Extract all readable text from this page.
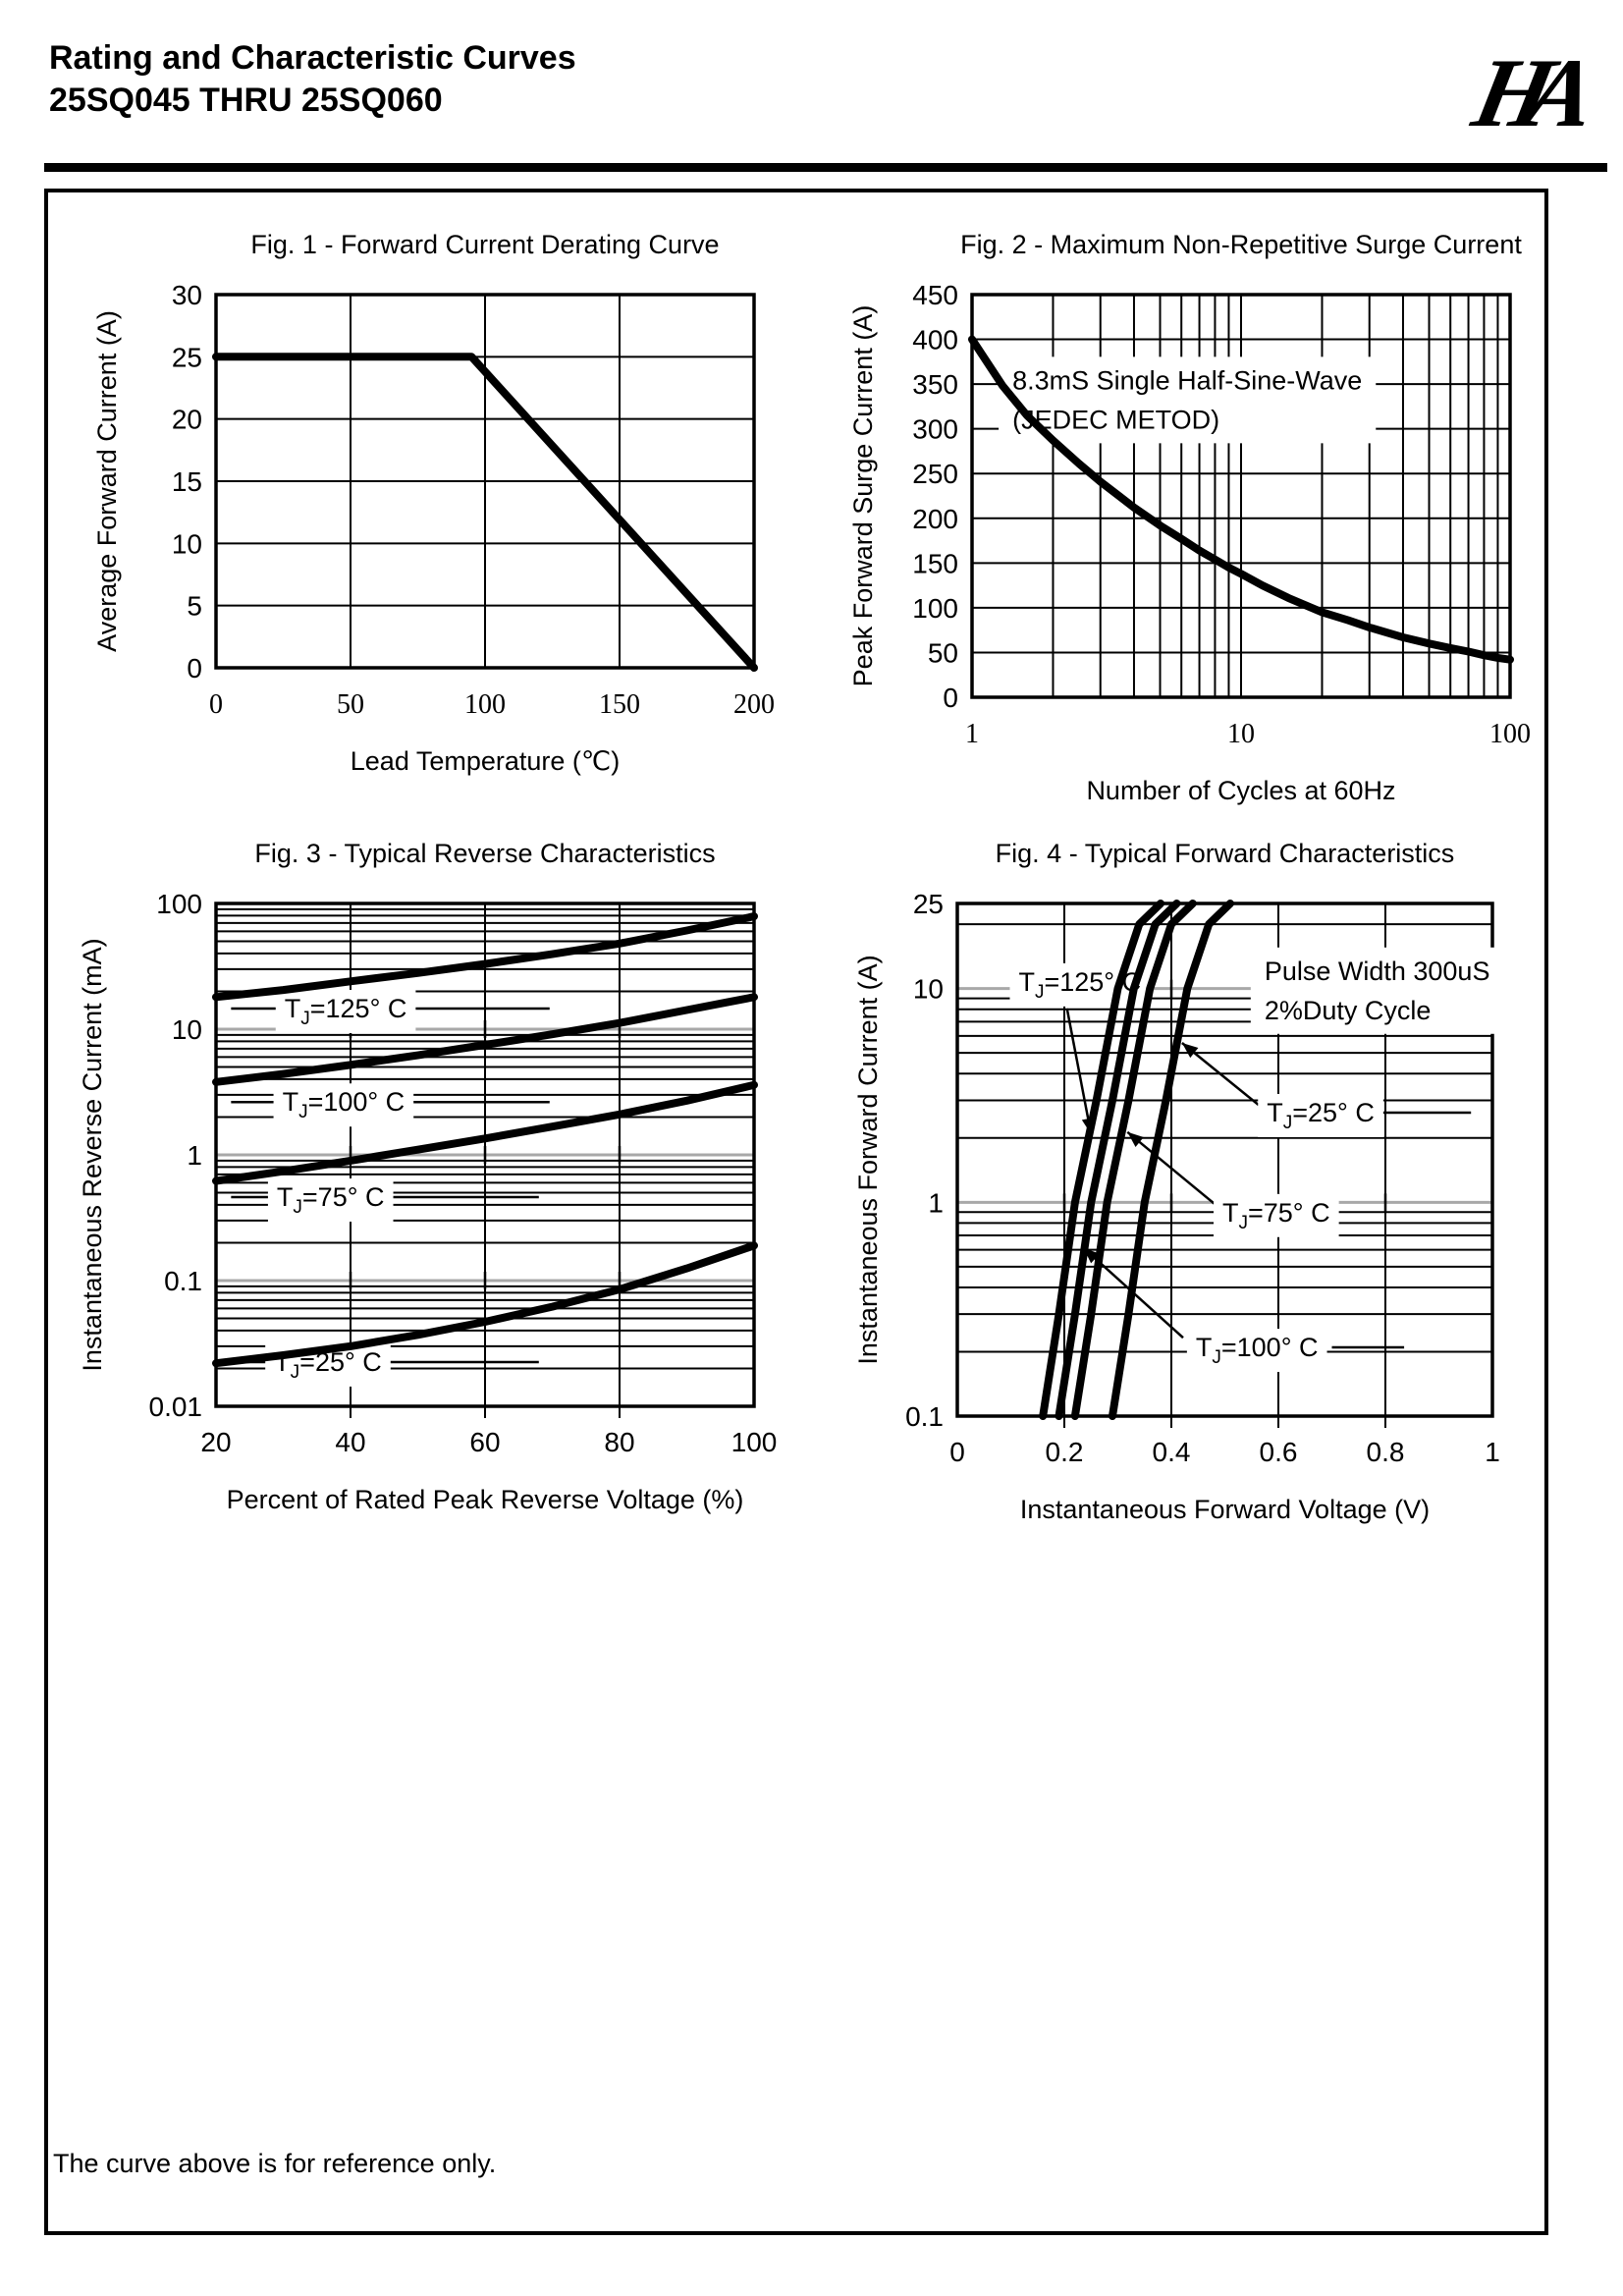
Rating and Characteristic Curves
25SQ045 THRU 25SQ060	HA
30
25
20
15
10
5
0
0	50	100	150	200
Fig. 1 - Forward Current Derating Curve
Lead Temperature (℃)
Average Forward Current (A)	8.3mS Single Half-Sine-Wave
(JEDEC METOD)
450
400
350
300
250
200
150
100
50
0
1	10	100
Fig. 2 - Maximum Non-Repetitive Surge Current
Number of Cycles at 60Hz
Peak Forward Surge Current (A)
$T_J=125^\circ$ C
$T_J=100^\circ$ C
$T_J=75^\circ$ C
$T_J=25^\circ$ C
100
10
1
0.1
0.01
20	40	60	80	100
Fig. 3 - Typical Reverse Characteristics
Percent of Rated Peak Reverse Voltage (%)
Instantaneous Reverse Current (mA)	Pulse Width 300uS
2%Duty Cycle
$T_J=125^\circ$ C
$T_J=25^\circ$ C
$T_J=75^\circ$ C
$T_J=100^\circ$ C
25
10
1
0.1
0	0.2	0.4	0.6	0.8	1
Fig. 4 - Typical Forward Characteristics
Instantaneous Forward Voltage (V)
Instantaneous Forward Current (A)
The curve above is for reference only.
